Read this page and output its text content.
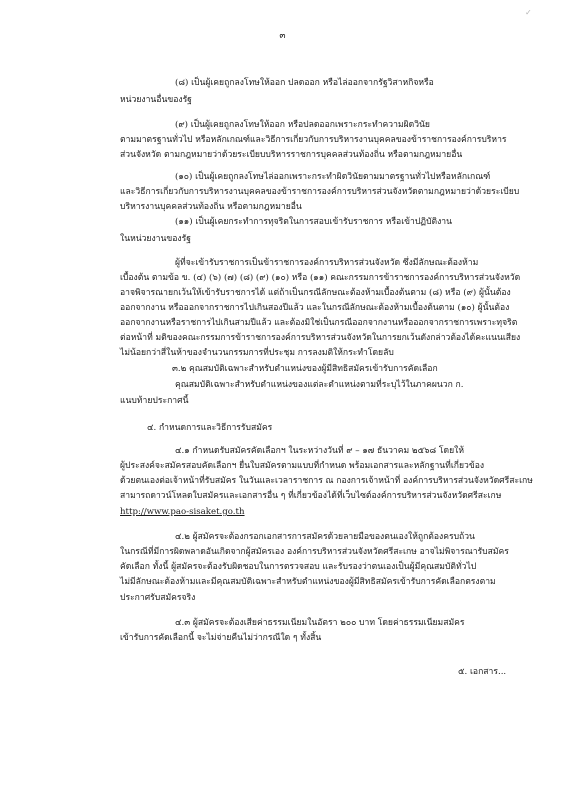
✓
๓
(๘) เป็นผู้เคยถูกลงโทษให้ออก ปลดออก หรือไล่ออกจากรัฐวิสาหกิจหรือ
หน่วยงานอื่นของรัฐ
(๙) เป็นผู้เคยถูกลงโทษให้ออก หรือปลดออกเพราะกระทำความผิดวินัย
ตามมาตรฐานทั่วไป หรือหลักเกณฑ์และวิธีการเกี่ยวกับการบริหารงานบุคคลของข้าราชการองค์การบริหาร
ส่วนจังหวัด ตามกฎหมายว่าด้วยระเบียบบริหารราชการบุคคลส่วนท้องถิ่น หรือตามกฎหมายอื่น
(๑๐) เป็นผู้เคยถูกลงโทษไล่ออกเพราะกระทำผิดวินัยตามมาตรฐานทั่วไปหรือหลักเกณฑ์
และวิธีการเกี่ยวกับการบริหารงานบุคคลของข้าราชการองค์การบริหารส่วนจังหวัดตามกฎหมายว่าด้วยระเบียบ
บริหารงานบุคคลส่วนท้องถิ่น หรือตามกฎหมายอื่น
(๑๑) เป็นผู้เคยกระทำการทุจริตในการสอบเข้ารับราชการ หรือเข้าปฏิบัติงาน
ในหน่วยงานของรัฐ
ผู้ที่จะเข้ารับราชการเป็นข้าราชการองค์การบริหารส่วนจังหวัด ซึ่งมีลักษณะต้องห้าม
เบื้องต้น ตามข้อ ข. (๔) (๖) (๗) (๘) (๙) (๑๐) หรือ (๑๑) คณะกรรมการข้าราชการองค์การบริหารส่วนจังหวัด
อาจพิจารณายกเว้นให้เข้ารับราชการได้ แต่ถ้าเป็นกรณีลักษณะต้องห้ามเบื้องต้นตาม (๘) หรือ (๙) ผู้นั้นต้อง
ออกจากงาน หรือออกจากราชการไปเกินสองปีแล้ว และในกรณีลักษณะต้องห้ามเบื้องต้นตาม (๑๐) ผู้นั้นต้อง
ออกจากงานหรือราชการไปเกินสามปีแล้ว และต้องมิใช่เป็นกรณีออกจากงานหรือออกจากราชการเพราะทุจริต
ต่อหน้าที่ มติของคณะกรรมการข้าราชการองค์การบริหารส่วนจังหวัดในการยกเว้นดังกล่าวต้องได้คะแนนเสียง
ไม่น้อยกว่าสี่ในห้าของจำนวนกรรมการที่ประชุม การลงมติให้กระทำโดยลับ
๓.๒ คุณสมบัติเฉพาะสำหรับตำแหน่งของผู้มีสิทธิสมัครเข้ารับการคัดเลือก
คุณสมบัติเฉพาะสำหรับตำแหน่งของแต่ละตำแหน่งตามที่ระบุไว้ในภาคผนวก ก.
แนบท้ายประกาศนี้
๔. กำหนดการและวิธีการรับสมัคร
๔.๑ กำหนดรับสมัครคัดเลือกฯ ในระหว่างวันที่ ๙ – ๑๗ ธันวาคม ๒๕๖๘ โดยให้
ผู้ประสงค์จะสมัครสอบคัดเลือกฯ ยื่นใบสมัครตามแบบที่กำหนด พร้อมเอกสารและหลักฐานที่เกี่ยวข้อง
ด้วยตนเองต่อเจ้าหน้าที่รับสมัคร ในวันและเวลาราชการ ณ กองการเจ้าหน้าที่ องค์การบริหารส่วนจังหวัดศรีสะเกษ
สามารถดาวน์โหลดใบสมัครและเอกสารอื่น ๆ ที่เกี่ยวข้องได้ที่เว็บไซต์องค์การบริหารส่วนจังหวัดศรีสะเกษ
http://www.pao-sisaket.go.th
๔.๒ ผู้สมัครจะต้องกรอกเอกสารการสมัครด้วยลายมือของตนเองให้ถูกต้องครบถ้วน
ในกรณีที่มีการผิดพลาดอันเกิดจากผู้สมัครเอง องค์การบริหารส่วนจังหวัดศรีสะเกษ อาจไม่พิจารณารับสมัคร
คัดเลือก ทั้งนี้ ผู้สมัครจะต้องรับผิดชอบในการตรวจสอบ และรับรองว่าตนเองเป็นผู้มีคุณสมบัติทั่วไป
ไม่มีลักษณะต้องห้ามและมีคุณสมบัติเฉพาะสำหรับตำแหน่งของผู้มีสิทธิสมัครเข้ารับการคัดเลือกตรงตาม
ประกาศรับสมัครจริง
๔.๓ ผู้สมัครจะต้องเสียค่าธรรมเนียมในอัตรา ๒๐๐ บาท โดยค่าธรรมเนียมสมัคร
เข้ารับการคัดเลือกนี้ จะไม่จ่ายคืนไม่ว่ากรณีใด ๆ ทั้งสิ้น
๕. เอกสาร...
